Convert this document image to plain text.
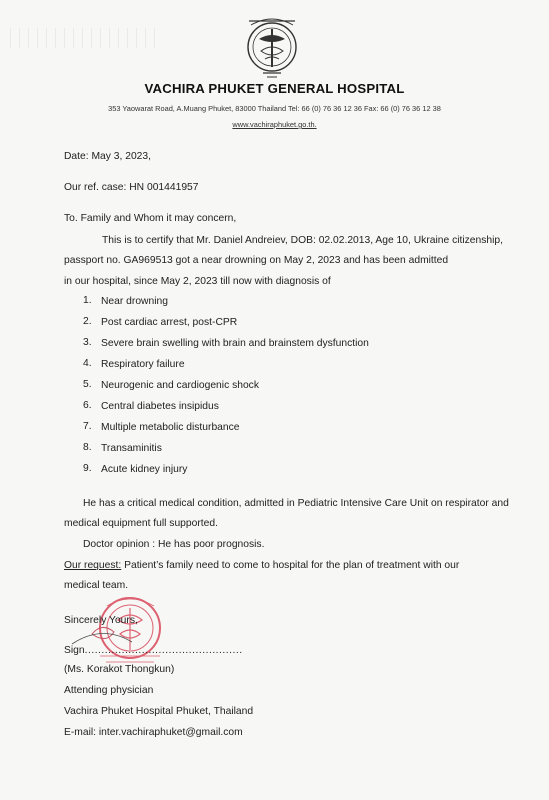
VACHIRA PHUKET GENERAL HOSPITAL
353 Yaowarat Road, A.Muang Phuket, 83000 Thailand Tel: 66 (0) 76 36 12 36 Fax: 66 (0) 76 36 12 38
www.vachiraphuket.go.th.
Date: May 3, 2023,
Our ref. case: HN 001441957
To. Family and Whom it may concern,
This is to certify that Mr. Daniel Andreiev, DOB: 02.02.2013, Age 10, Ukraine citizenship,
passport no. GA969513 got a near drowning on May 2, 2023 and has been admitted
in our hospital, since May 2, 2023 till now with diagnosis of
1. Near drowning
2. Post cardiac arrest, post-CPR
3. Severe brain swelling with brain and brainstem dysfunction
4. Respiratory failure
5. Neurogenic and cardiogenic shock
6. Central diabetes insipidus
7. Multiple metabolic disturbance
8. Transaminitis
9. Acute kidney injury
He has a critical medical condition, admitted in Pediatric Intensive Care Unit on respirator and
medical equipment full supported.
Doctor opinion : He has poor prognosis.
Our request: Patient’s family need to come to hospital for the plan of treatment with our
medical team.
Sincerely Yours,
Sign...............................................
(Ms. Korakot Thongkun)
Attending physician
Vachira Phuket Hospital Phuket, Thailand
E-mail: inter.vachiraphuket@gmail.com
